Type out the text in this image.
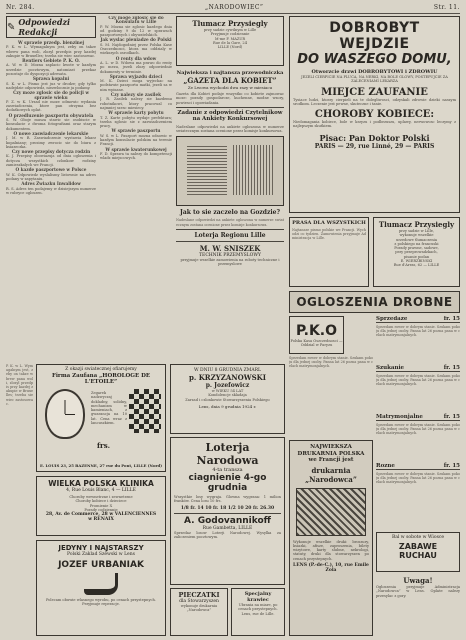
Nr. 284.	„NARODOWIEC”	Str. 11.
✎ Odpowiedzi Redakcji
W sprawie przedp. bienzinej

P. K. w L. Wymagalnym jest, zeby on takze wbrew pana woli, zlozyl przedpis przy kazdej zakupie w Bruxelles; trzeba sie wiec zastosowac.

Rentiers Gebiete P. K. O.

A. W. w D. Mozna zaplacic kwote w kazdym urzedzie pocztowym, natomiast przekaz pozostaje do dyspozycji adresata.

Sprawa kopalni

S. K. w L. Pismo jest juz w drodze; gdy tylko nadejdzie odpowiedz, niezwlocznie ja podamy.

Czy moze zglosic sie do policji w sprawie wieku

P. Z. w K. Urzad nie moze odmowic wydania zaswiadczenia, ktore pan otrzyma bez dodatkowych oplat.

O przedluzenie paszportu obywatela

S. W. Oboje musza stawic sie osobiscie w konsulacie z dwoma fotografiami oraz starym dokumentem.

O nowe zaswiadczenie lekarskie

J. M. w R. Zaswiadczenie wystawia lekarz kopalniany; prosimy zwrocic sie do biura z ksiazeczka.

Czy nowe przepisy dotycza rodzin

K. J. Przepisy obowiazuja od dnia ogloszenia i dotycza wszystkich czlonkow rodziny zamieszkalych we Francji.

O kazde paszportowe w Polsce

W. K. Odpowiedz wyslalismy listownie na adres podany w zapytaniu.

Adres Zwiazku Inwalidow

R. S. Adres ten podajemy w dzisiejszym numerze w rubryce ogloszen.

Czy moge zglosic sie do Konsulatu w Lille

P. W. Mozna sie zglosic kazdego dnia od godziny 9 do 12 w sprawach paszportowych i obywatelskich.

Jak wyslac pieniadze do Polski

S. M. Najdogodniej przez Polska Kase Oszczednosci, ktora ma oddzialy w wiekszych osrodkach.

O renty dla wdow

A. L. w D. Wdowa ma prawo do renty po mezu, jezeli zlozy odpowiednie dokumenty w terminie.

Sprawa wyjazdu dzieci

M. K. Dzieci moga wyjechac na podstawie paszportu matki, jezeli sa w nim wpisane.

Czy nalezy sie zasilek

J. R. Zasilek nalezy sie kazdemu robotnikowi, ktory pracowal co najmniej szesc miesiecy.

W sprawie karty pobytu

T. Z. Karte pobytu wydaje prefektura; trzeba zglosic sie z zaswiadczeniem pracy.

W sprawie paszportu

W. S. w L. Paszport mozna odnowic w kazdym konsulacie polskim na terenie Francji.

W sprawie kwaterunkowej

F. D. Sprawa ta nalezy do kompetencji wladz miejscowych.

Tlumacz Przysiegly
przy sadzie cywilnym w Lille
Przyjmuje codziennie
M-me F. MAZUR
Rue de la Gare, 24
LILLE (Nord)
Najwieksza i najtansza przewodniczka
„GAZETA DLA KOBIET”
Ze Lwowa wychodzi dwa razy w miesiacu
Gazeta dla Kobiet podaje wszystko co kobiete zajmowac moze: porady gospodarcze, kuchenne, modne wzory, powiesci i opowiadania.
Zadanie z odpowiedzi Czytelnikow na Ankiety Konkursowej
Nadeslane odpowiedzi na ankiete ogloszona w numerze swiatecznym zostana ocenione przez komisje konkursowa.
Jak to sie zaczelo na Gozdzie?
Nadeslane odpowiedzi na ankiete ogloszona w numerze swiatecznym zostana ocenione przez komisje konkursowa.
Loterja Regionu Lille
M. W. SNISZEK
TECHNIK PRZEMYSLOWY
przyjmuje wszelkie zamowienia na roboty techniczne i przemyslowe
DOBROBYT WEJDZIE
DO WASZEGO DOMU,
Otworzcie drzwi DOBROBYTOWI i ZDROWIU
JEZELI CIERPICIE NA PLUCA, NA NERKI, NA BOLE GLOWY, POSTEPUJCIE ZA ZALECENIAMI LEKARZA
MIEJCE ZAUFANIE
Tysiace ludzi, ktorzy cierpieli na te dolegliwosci, odzyskali zdrowie dzieki naszym srodkom. Leczenie jest pewne, skuteczne i tanie.
CHOROBY KOBIECE:
Niedomagania kobiece, bole w krzyzu i podbrzuszu, uplawy, nerwowosc leczymy z najlepszym skutkiem.
Pisac: Pan Doktor Polski
PARIS — 29, rue Linné, 29 — PARIS
PRASA DLA WSZYSTKICH
Najtansze pismo polskie we Francji. Wychodzi co tydzien. Zamowienia przyjmuje Administracja w Lille.
Tlumacz Przysiegly
przy sadzie w Lille,
wykonuje wszelkie
urzedowe tlumaczenia
z polskiego na francuski
Porady prawne, sadowe,
przy przeprowadzkach,
pisanie podan
E. WIERZBINSKI
Rue d'Arras, 62 — LILLE
OGLOSZENIA DROBNE
P.K.O
Polska Kasa Oszczednosci — Oddzial w Paryzu
Sprzedam rower w dobrym stanie. Szukam pokoju dla jednej osoby. Panna lat 26 pozna pana w celach matrymonjalnych.
Sprzedaze	fr. 15
Sprzedam rower w dobrym stanie. Szukam pokoju dla jednej osoby. Panna lat 26 pozna pana w celach matrymonjalnych.
Szukanie	fr. 15
Sprzedam rower w dobrym stanie. Szukam pokoju dla jednej osoby. Panna lat 26 pozna pana w celach matrymonjalnych.
Matrymonjalne	fr. 15
Sprzedam rower w dobrym stanie. Szukam pokoju dla jednej osoby. Panna lat 26 pozna pana w celach matrymonjalnych.
Rozne	fr. 15
Sprzedam rower w dobrym stanie. Szukam pokoju dla jednej osoby. Panna lat 26 pozna pana w celach matrymonjalnych.
Z okazji swiatecznej ofiarujemy
Firma Zaufana „HOROLOGE DE L'ETOILE”
Zegarek nadzwyczaj dokladny, solidny, mechanizm w kamieniach, z gwarancja na 10 lat. Cena wraz z lancuszkiem.
frs.
E. LOUIS 23, 25 BAZENNE, 27 rue du Pont, LILLE (Nord)
WIELKA POLSKA KLINIKA
4, Rue Louis Blanc, 4 — LILLE
Choroby wewnetrzne i zewnetrzne
Choroby kobiece i dzieciece
Promienie X
Porady codziennie
28, Av. de Commerce, 28 w VALENCIENNES
w RENAIX
JEDYNY I NAJSTARSZY
Polski Zaklad Szewski w Lens
JOZEF URBANIAK
Polecam obuwie wlasnego wyrobu, po cenach przystepnych. Przyjmuje reperacje.
P. K. w L. Wymagalnym jest, zeby on takze wbrew pana woli, zlozyl przedpis przy kazdej zakupie w Bruxelles; trzeba sie wiec zastosowac.
W DNIU 8 GRUDNIA ZMARL
p. KRZYZANOWSKI
p. Jozefowicz
w WIEKU 54 LAT
Kondolencje skladaja
Zarzad i czlonkowie Stowarzyszenia Polskiego
Lens, dnia 9 grudnia 1924 r.
Loterja Narodowa
4-ta transza
ciagnienie 4-go grudnia
Wszystkie losy wygraja. Glowna wygrana: 1 milion franków. Cena losu 10 frs.
1/8 fr. 14 10 fr. 18 1/2 10 20 fr. 26.30
A. Godovannikoff
Rue Gambetta, LILLE
Sprzedaz losow Loterji Narodowej. Wysylka za zaliczeniem pocztowym.
PIECZATKI
dla Stowarzyszen
wykonuje drukarnia „Narodowca”
Specjalny krawiec
Ubrania na miare, po cenach przystepnych. Lens, rue de Lille.
NAJWIEKSZA DRUKARNIA POLSKA we Francji jest
drukarnia „Narodowca”
Wykonuje wszelkie druki: broszury, ksiazki, afisze, zaproszenia, bilety wizytowe, karty slubne, nekrologi, statuty, druki dla stowarzyszen po cenach przystepnych.
LENS (P.-de-C.), 10, rue Emile Zola
Bal w sobote w Wiosce
ZABAWE RUCHAU
Uwaga!
Ogloszenia przyjmuje Administracja „Narodowca” w Lens. Oplate nalezy przesylac z gory.
